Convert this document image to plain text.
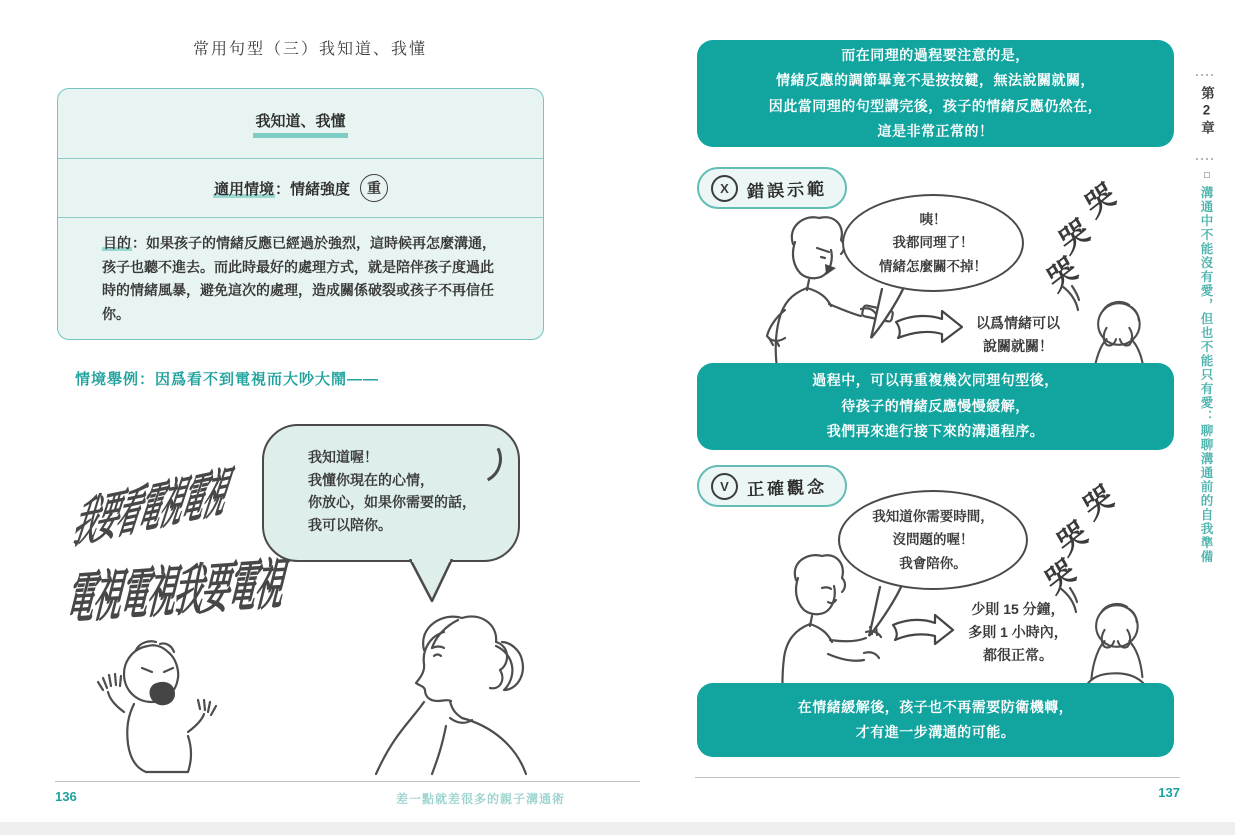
常用句型（三）我知道、我懂
我知道、我懂
適用情境：情緒強度	重
目的：如果孩子的情緒反應已經過於強烈，這時候再怎麼溝通，孩子也聽不進去。而此時最好的處理方式，就是陪伴孩子度過此時的情緒風暴，避免這次的處理，造成關係破裂或孩子不再信任你。
情境舉例：因爲看不到電視而大吵大鬧——
我要看電視電視
電視電視我要電視
我知道喔！
我懂你現在的心情，
你放心，如果你需要的話，
我可以陪你。
而在同理的過程要注意的是，
情緒反應的調節畢竟不是按按鍵，無法說關就關，
因此當同理的句型講完後，孩子的情緒反應仍然在，
這是非常正常的！
X	錯誤示範
咦！
我都同理了！
情緒怎麼關不掉！
以爲情緒可以
說關就關！
哭
哭
哭
過程中，可以再重複幾次同理句型後，
待孩子的情緒反應慢慢緩解，
我們再來進行接下來的溝通程序。
V	正確觀念
我知道你需要時間，
沒問題的喔！
我會陪你。
少則 15 分鐘，
多則 1 小時內，
都很正常。
哭
哭
哭
在情緒緩解後，孩子也不再需要防衛機轉，
才有進一步溝通的可能。
第2章
溝通中不能沒有愛，但也不能只有愛：聊聊溝通前的自我準備
136	差一點就差很多的親子溝通術	137
